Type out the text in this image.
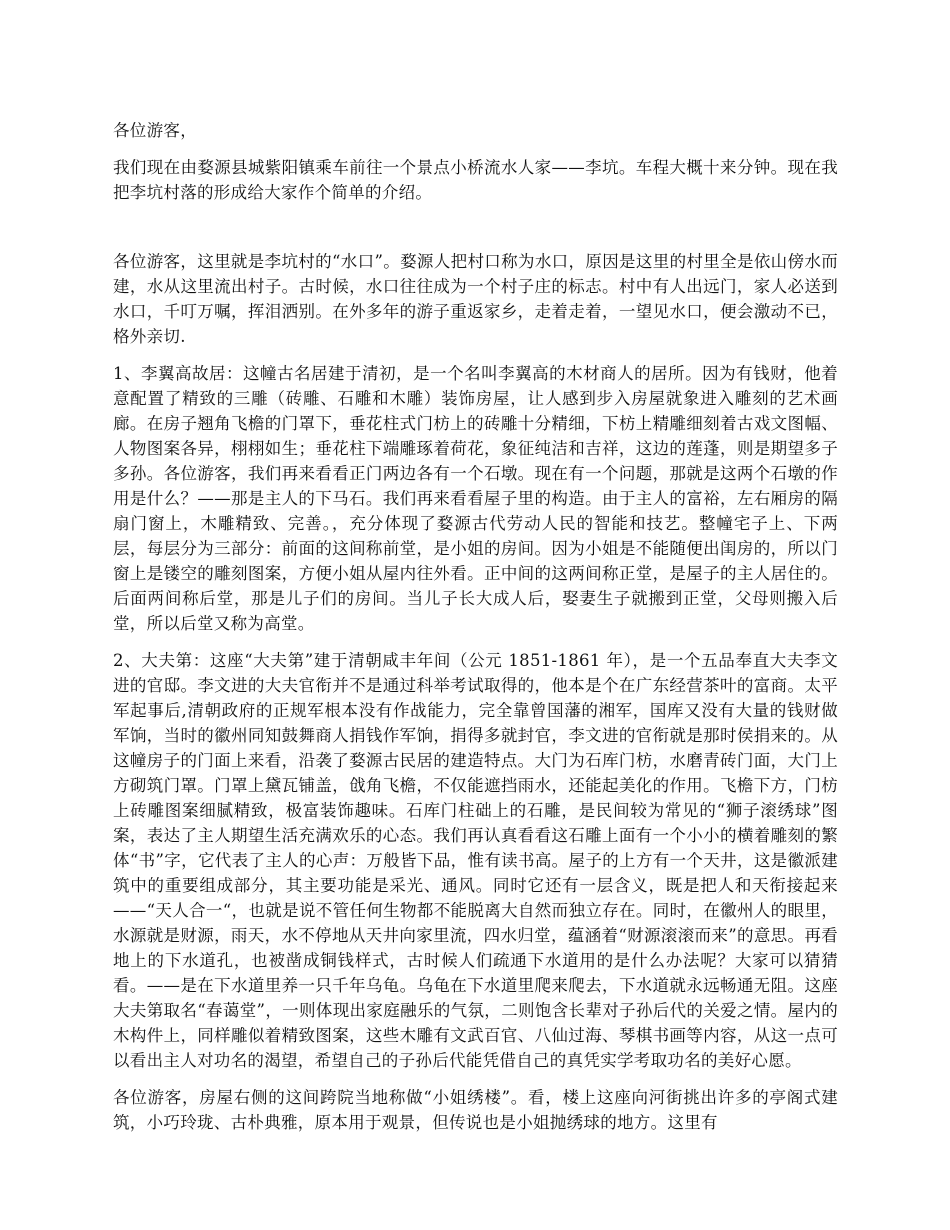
各位游客，

我们现在由婺源县城紫阳镇乘车前往一个景点小桥流水人家——李坑。车程大概十来分钟。现在我把李坑村落的形成给大家作个简单的介绍。

各位游客，这里就是李坑村的“水口”。婺源人把村口称为水口，原因是这里的村里全是依山傍水而建，水从这里流出村子。古时候，水口往往成为一个村子庄的标志。村中有人出远门，家人必送到水口，千叮万嘱，挥泪洒别。在外多年的游子重返家乡，走着走着，一望见水口，便会激动不已，格外亲切.

1、李翼高故居：这幢古名居建于清初，是一个名叫李翼高的木材商人的居所。因为有钱财，他着意配置了精致的三雕（砖雕、石雕和木雕）装饰房屋，让人感到步入房屋就象进入雕刻的艺术画廊。在房子翘角飞檐的门罩下，垂花柱式门枋上的砖雕十分精细，下枋上精雕细刻着古戏文图幅、人物图案各异，栩栩如生；垂花柱下端雕琢着荷花，象征纯洁和吉祥，这边的莲蓬，则是期望多子多孙。各位游客，我们再来看看正门两边各有一个石墩。现在有一个问题，那就是这两个石墩的作用是什么？——那是主人的下马石。我们再来看看屋子里的构造。由于主人的富裕，左右厢房的隔扇门窗上，木雕精致、完善。，充分体现了婺源古代劳动人民的智能和技艺。整幢宅子上、下两层，每层分为三部分：前面的这间称前堂，是小姐的房间。因为小姐是不能随便出闺房的，所以门窗上是镂空的雕刻图案，方便小姐从屋内往外看。正中间的这两间称正堂，是屋子的主人居住的。后面两间称后堂，那是儿子们的房间。当儿子长大成人后，娶妻生子就搬到正堂，父母则搬入后堂，所以后堂又称为高堂。

2、大夫第：这座“大夫第”建于清朝咸丰年间（公元 1851-1861 年），是一个五品奉直大夫李文进的官邸。李文进的大夫官衔并不是通过科举考试取得的，他本是个在广东经营茶叶的富商。太平军起事后,清朝政府的正规军根本没有作战能力，完全靠曾国藩的湘军，国库又没有大量的钱财做军饷，当时的徽州同知鼓舞商人捐钱作军饷，捐得多就封官，李文进的官衔就是那时侯捐来的。从这幢房子的门面上来看，沿袭了婺源古民居的建造特点。大门为石库门枋，水磨青砖门面，大门上方砌筑门罩。门罩上黛瓦铺盖，戗角飞檐，不仅能遮挡雨水，还能起美化的作用。飞檐下方，门枋上砖雕图案细腻精致，极富装饰趣味。石库门柱础上的石雕，是民间较为常见的“狮子滚绣球”图案，表达了主人期望生活充满欢乐的心态。我们再认真看看这石雕上面有一个小小的横着雕刻的繁体“书”字，它代表了主人的心声：万般皆下品，惟有读书高。屋子的上方有一个天井，这是徽派建筑中的重要组成部分，其主要功能是采光、通风。同时它还有一层含义，既是把人和天衔接起来——“天人合一“，也就是说不管任何生物都不能脱离大自然而独立存在。同时，在徽州人的眼里，水源就是财源，雨天，水不停地从天井向家里流，四水归堂，蕴涵着“财源滚滚而来”的意思。再看地上的下水道孔，也被凿成铜钱样式，古时候人们疏通下水道用的是什么办法呢？大家可以猜猜看。——是在下水道里养一只千年乌龟。乌龟在下水道里爬来爬去，下水道就永远畅通无阻。这座大夫第取名“春蔼堂”，一则体现出家庭融乐的气氛，二则饱含长辈对子孙后代的关爱之情。屋内的木构件上，同样雕似着精致图案，这些木雕有文武百官、八仙过海、琴棋书画等内容，从这一点可以看出主人对功名的渴望，希望自己的子孙后代能凭借自己的真凭实学考取功名的美好心愿。

各位游客，房屋右侧的这间跨院当地称做“小姐绣楼”。看，楼上这座向河街挑出许多的亭阁式建筑，小巧玲珑、古朴典雅，原本用于观景，但传说也是小姐抛绣球的地方。这里有
